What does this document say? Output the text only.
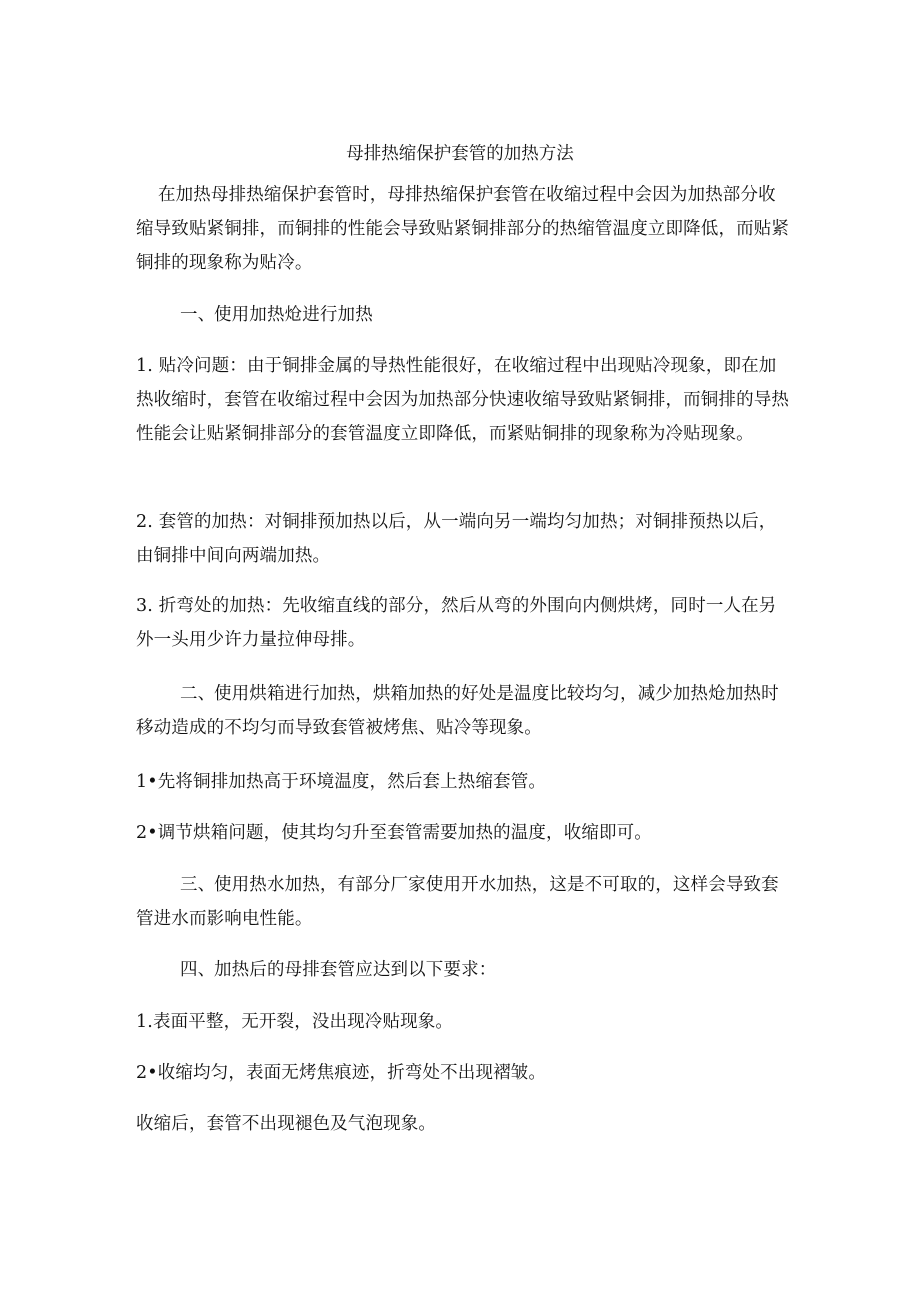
母排热缩保护套管的加热方法

在加热母排热缩保护套管时，母排热缩保护套管在收缩过程中会因为加热部分收缩导致贴紧铜排，而铜排的性能会导致贴紧铜排部分的热缩管温度立即降低，而贴紧铜排的现象称为贴冷。

一、使用加热炝进行加热

1. 贴冷问题：由于铜排金属的导热性能很好，在收缩过程中出现贴冷现象，即在加热收缩时，套管在收缩过程中会因为加热部分快速收缩导致贴紧铜排，而铜排的导热性能会让贴紧铜排部分的套管温度立即降低，而紧贴铜排的现象称为冷贴现象。

2. 套管的加热：对铜排预加热以后，从一端向另一端均匀加热；对铜排预热以后， 由铜排中间向两端加热。

3. 折弯处的加热：先收缩直线的部分，然后从弯的外围向内侧烘烤，同时一人在另外一头用少许力量拉伸母排。

二、使用烘箱进行加热，烘箱加热的好处是温度比较均匀，减少加热炝加热时 移动造成的不均匀而导致套管被烤焦、贴冷等现象。

1•先将铜排加热高于环境温度，然后套上热缩套管。

2•调节烘箱问题，使其均匀升至套管需要加热的温度，收缩即可。

三、使用热水加热，有部分厂家使用开水加热，这是不可取的，这样会导致套 管进水而影响电性能。

四、加热后的母排套管应达到以下要求：

1.表面平整，无开裂，没出现冷贴现象。

2•收缩均匀，表面无烤焦痕迹，折弯处不出现褶皱。

收缩后，套管不出现褪色及气泡现象。
